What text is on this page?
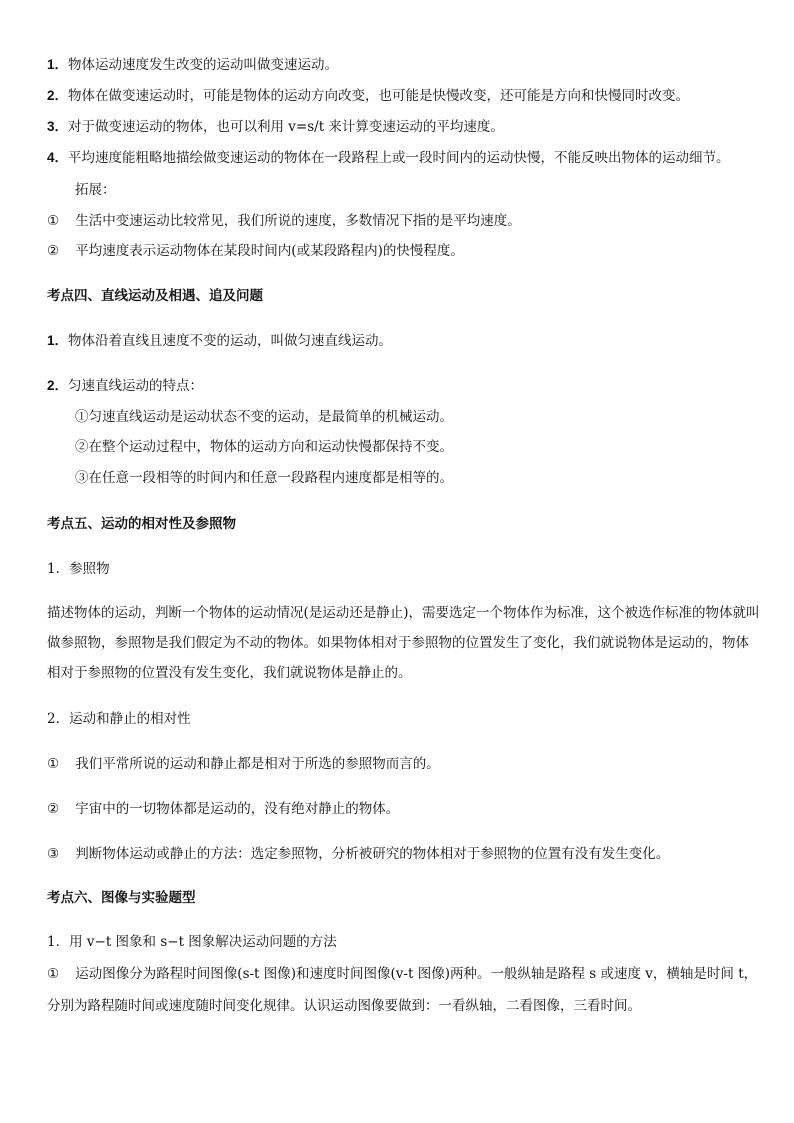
1．物体运动速度发生改变的运动叫做变速运动。
2．物体在做变速运动时，可能是物体的运动方向改变，也可能是快慢改变，还可能是方向和快慢同时改变。
3．对于做变速运动的物体，也可以利用 v=s/t 来计算变速运动的平均速度。
4．平均速度能粗略地描绘做变速运动的物体在一段路程上或一段时间内的运动快慢，不能反映出物体的运动细节。
拓展：
① 生活中变速运动比较常见，我们所说的速度，多数情况下指的是平均速度。
② 平均速度表示运动物体在某段时间内(或某段路程内)的快慢程度。
考点四、直线运动及相遇、追及问题
1．物体沿着直线且速度不变的运动，叫做匀速直线运动。
2．匀速直线运动的特点：
①匀速直线运动是运动状态不变的运动，是最简单的机械运动。
②在整个运动过程中，物体的运动方向和运动快慢都保持不变。
③在任意一段相等的时间内和任意一段路程内速度都是相等的。
考点五、运动的相对性及参照物
1．参照物
描述物体的运动，判断一个物体的运动情况(是运动还是静止)，需要选定一个物体作为标准，这个被选作标准的物体就叫做参照物，参照物是我们假定为不动的物体。如果物体相对于参照物的位置发生了变化，我们就说物体是运动的，物体相对于参照物的位置没有发生变化，我们就说物体是静止的。
2．运动和静止的相对性
① 我们平常所说的运动和静止都是相对于所选的参照物而言的。
② 宇宙中的一切物体都是运动的，没有绝对静止的物体。
③ 判断物体运动或静止的方法：选定参照物，分析被研究的物体相对于参照物的位置有没有发生变化。
考点六、图像与实验题型
1．用 v−t 图象和 s−t 图象解决运动问题的方法
① 运动图像分为路程时间图像(s-t 图像)和速度时间图像(v-t 图像)两种。一般纵轴是路程 s 或速度 v，横轴是时间 t，分别为路程随时间或速度随时间变化规律。认识运动图像要做到：一看纵轴，二看图像，三看时间。
